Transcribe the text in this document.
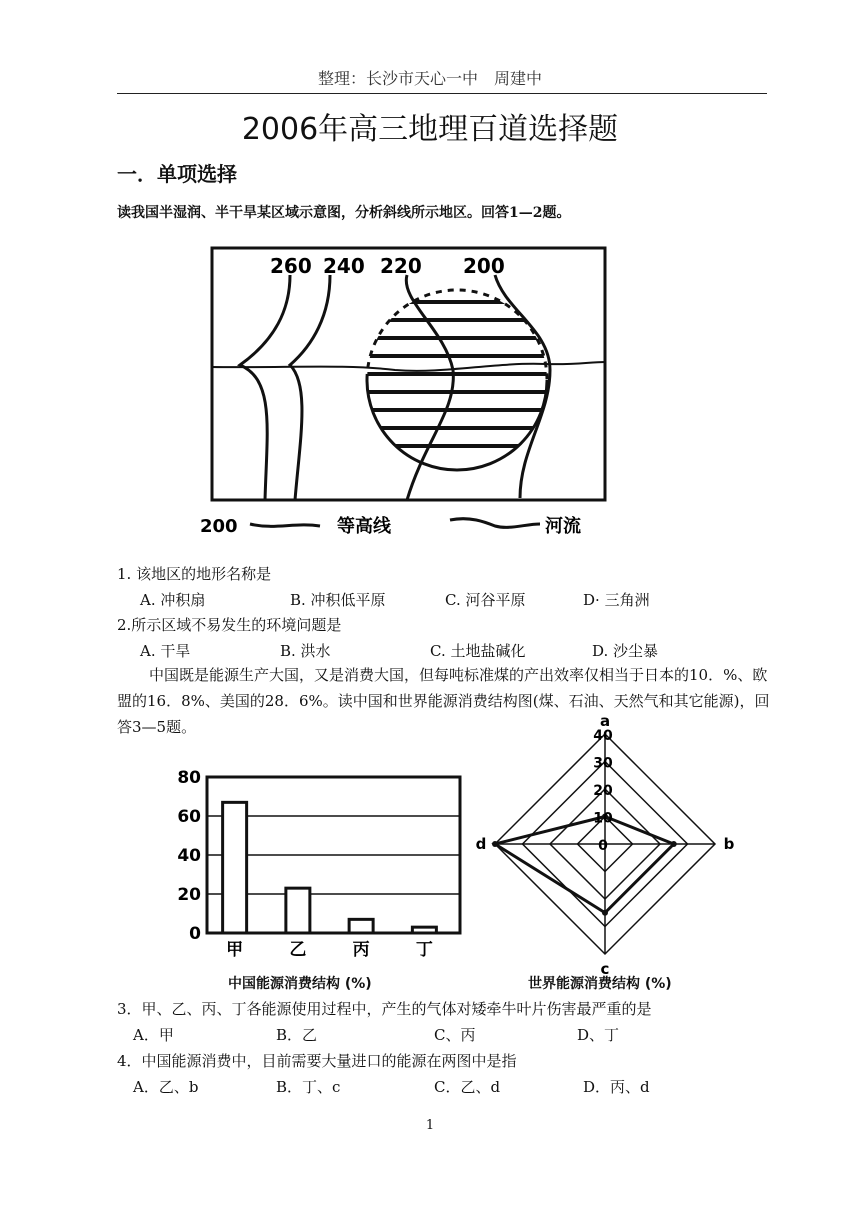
整理：长沙市天心一中　周建中
2006年高三地理百道选择题
一．单项选择
读我国半湿润、半干旱某区域示意图，分析斜线所示地区。回答1—2题。
260 240 220 200
200	等高线	河流
1. 该地区的地形名称是
A. 冲积扇	B. 冲积低平原	C. 河谷平原	D· 三角洲
2.所示区域不易发生的环境问题是
A. 干旱	B. 洪水	C. 土地盐碱化	D. 沙尘暴
中国既是能源生产大国，又是消费大国，但每吨标准煤的产出效率仅相当于日本的10．%、欧盟的16．8%、美国的28．6%。读中国和世界能源消费结构图(煤、石油、天然气和其它能源)，回答3—5题。
80
60
40
20
0
甲	乙	丙	丁
中国能源消费结构 (%)
40
30
20
10
0
a
b
c
d
世界能源消费结构 (%)
3．甲、乙、丙、丁各能源使用过程中，产生的气体对矮牵牛叶片伤害最严重的是
A．甲	B．乙	C、丙	D、丁
4．中国能源消费中，目前需要大量进口的能源在两图中是指
A．乙、b	B．丁、c	C．乙、d	D．丙、d
1
